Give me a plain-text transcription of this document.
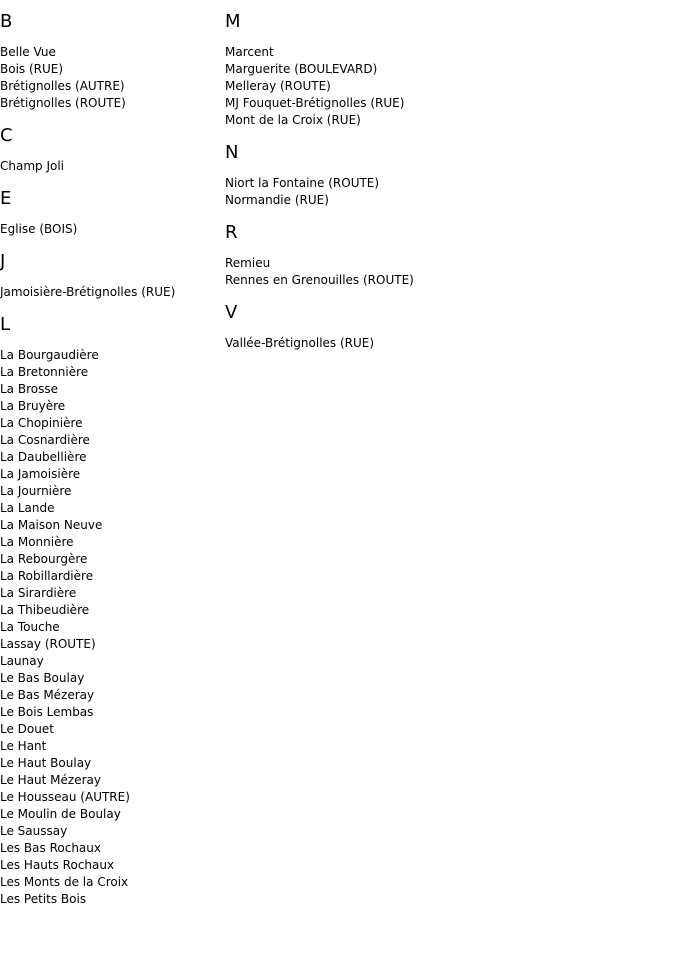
B
Belle Vue
Bois (RUE)
Brétignolles (AUTRE)
Brétignolles (ROUTE)
C
Champ Joli
E
Eglise (BOIS)
J
Jamoisière-Brétignolles (RUE)
L
La Bourgaudière
La Bretonnière
La Brosse
La Bruyère
La Chopinière
La Cosnardière
La Daubellière
La Jamoisière
La Journière
La Lande
La Maison Neuve
La Monnière
La Rebourgère
La Robillardière
La Sirardière
La Thibeudière
La Touche
Lassay (ROUTE)
Launay
Le Bas Boulay
Le Bas Mézeray
Le Bois Lembas
Le Douet
Le Hant
Le Haut Boulay
Le Haut Mézeray
Le Housseau (AUTRE)
Le Moulin de Boulay
Le Saussay
Les Bas Rochaux
Les Hauts Rochaux
Les Monts de la Croix
Les Petits Bois
M
Marcent
Marguerite (BOULEVARD)
Melleray (ROUTE)
MJ Fouquet-Brétignolles (RUE)
Mont de la Croix (RUE)
N
Niort la Fontaine (ROUTE)
Normandie (RUE)
R
Remieu
Rennes en Grenouilles (ROUTE)
V
Vallée-Brétignolles (RUE)
